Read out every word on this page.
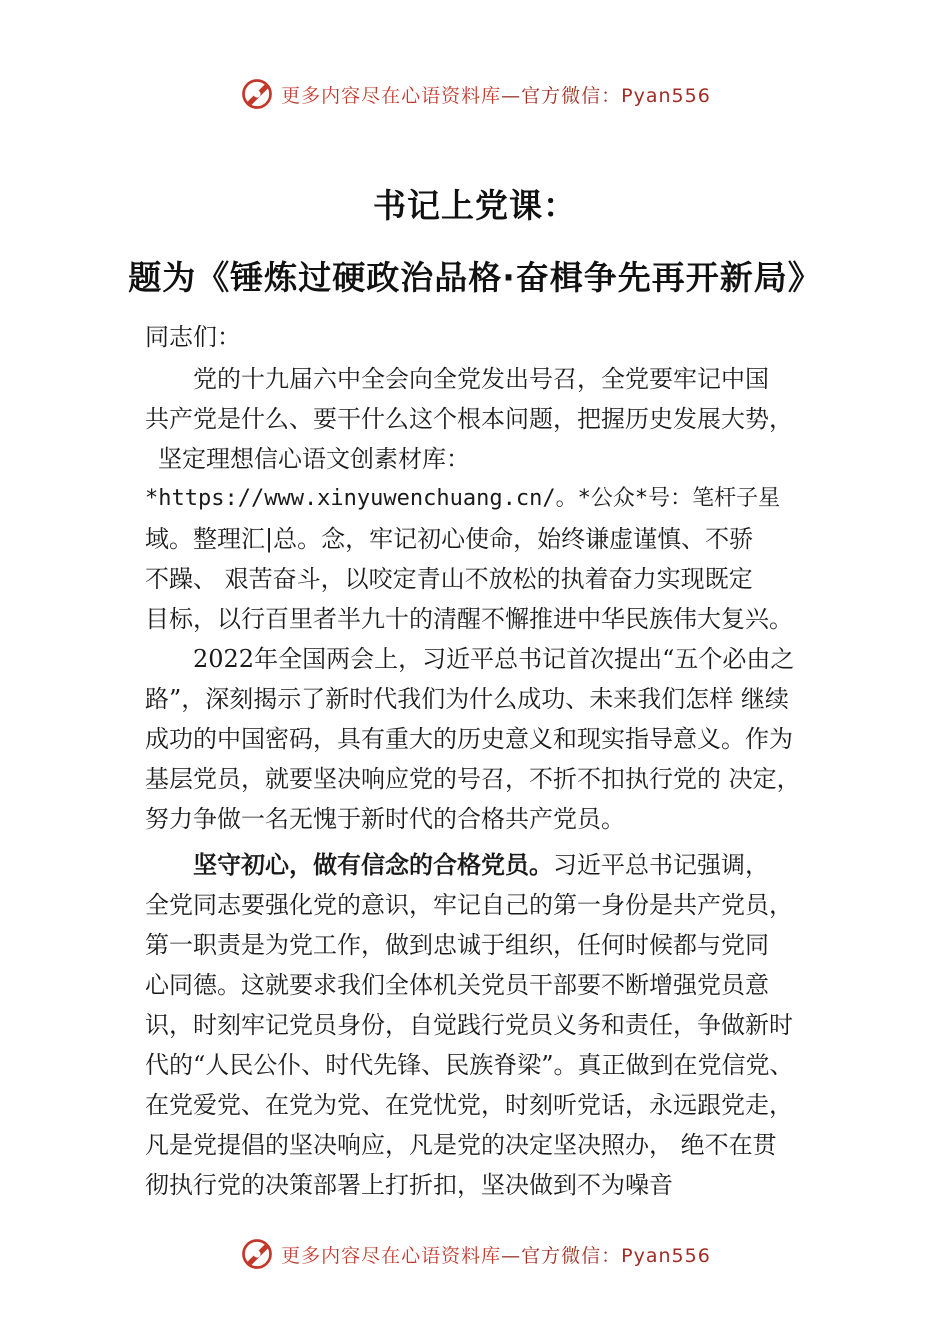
更多内容尽在心语资料库—官方微信：Pyan556
书记上党课：
题为《锤炼过硬政治品格·奋楫争先再开新局》
同志们：
党的十九届六中全会向全党发出号召，全党要牢记中国
共产党是什么、要干什么这个根本问题，把握历史发展大势，
坚定理想信心语文创素材库：
*https://www.xinyuwenchuang.cn/。*公众*号：笔杆子星
域。整理汇|总。念，牢记初心使命，始终谦虚谨慎、不骄
不躁、 艰苦奋斗，以咬定青山不放松的执着奋力实现既定
目标，以行百里者半九十的清醒不懈推进中华民族伟大复兴。
2022年全国两会上，习近平总书记首次提出“五个必由之
路”，深刻揭示了新时代我们为什么成功、未来我们怎样 继续
成功的中国密码，具有重大的历史意义和现实指导意义。作为
基层党员，就要坚决响应党的号召，不折不扣执行党的 决定，
努力争做一名无愧于新时代的合格共产党员。
坚守初心，做有信念的合格党员。习近平总书记强调，
全党同志要强化党的意识，牢记自己的第一身份是共产党员，
第一职责是为党工作，做到忠诚于组织，任何时候都与党同
心同德。这就要求我们全体机关党员干部要不断增强党员意
识，时刻牢记党员身份，自觉践行党员义务和责任，争做新时
代的“人民公仆、时代先锋、民族脊梁”。真正做到在党信党、
在党爱党、在党为党、在党忧党，时刻听党话，永远跟党走，
凡是党提倡的坚决响应，凡是党的决定坚决照办， 绝不在贯
彻执行党的决策部署上打折扣，坚决做到不为噪音
更多内容尽在心语资料库—官方微信：Pyan556
